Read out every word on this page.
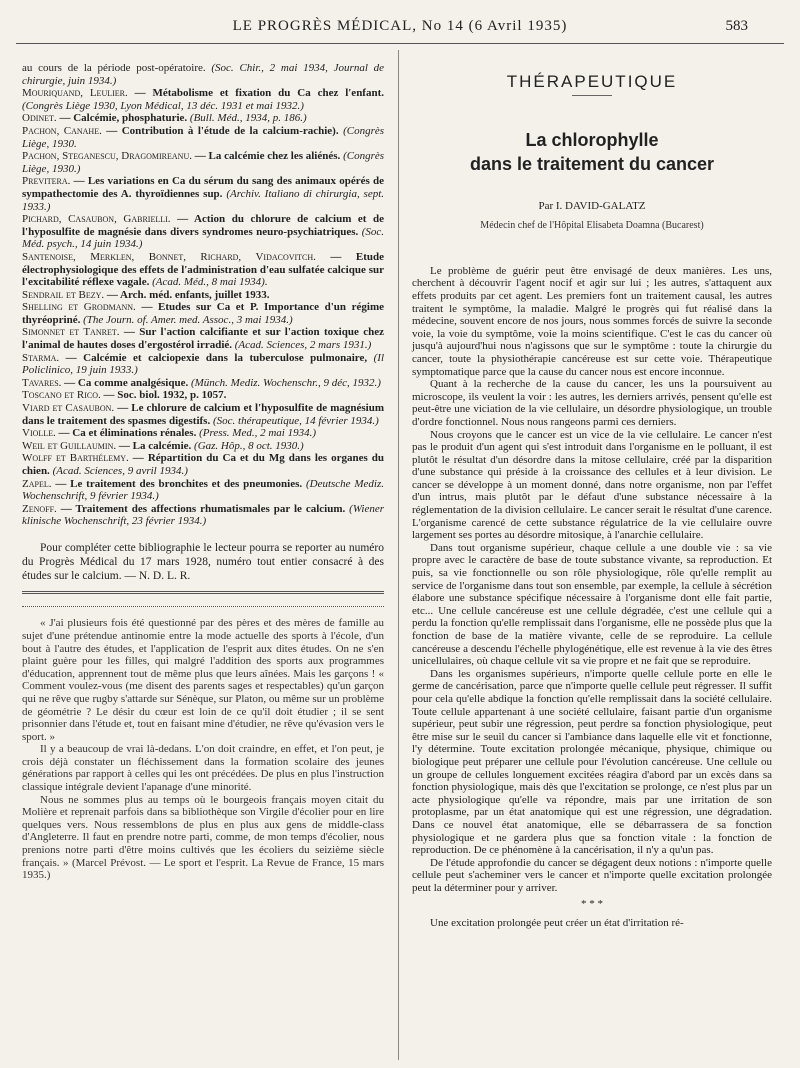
LE PROGRÈS MÉDICAL, No 14 (6 Avril 1935)	583

au cours de la période post-opératoire. (Soc. Chir., 2 mai 1934, Journal de chirurgie, juin 1934.)

Mouriquand, Leulier. — Métabolisme et fixation du Ca chez l'enfant. (Congrès Liège 1930, Lyon Médical, 13 déc. 1931 et mai 1932.)

Odinet. — Calcémie, phosphaturie. (Bull. Méd., 1934, p. 186.)

Pachon, Canahe. — Contribution à l'étude de la calcium-rachie). (Congrès Liège, 1930.

Pachon, Steganescu, Dragomireanu. — La calcémie chez les aliénés. (Congrès Liège, 1930.)

Previtera. — Les variations en Ca du sérum du sang des animaux opérés de sympathectomie des A. thyroïdiennes sup. (Archiv. Italiano di chirurgia, sept. 1933.)

Pichard, Casaubon, Gabrielli. — Action du chlorure de calcium et de l'hyposulfite de magnésie dans divers syndromes neuro-psychiatriques. (Soc. Méd. psych., 14 juin 1934.)

Santenoise, Merklen, Bonnet, Richard, Vidacovitch. — Etude électrophysiologique des effets de l'administration d'eau sulfatée calcique sur l'excitabilité réflexe vagale. (Acad. Méd., 8 mai 1934).

Sendrail et Bezy. — Arch. méd. enfants, juillet 1933.

Shelling et Grodmann. — Etudes sur Ca et P. Importance d'un régime thyréopriné. (The Journ. of. Amer. med. Assoc., 3 mai 1934.)

Simonnet et Tanret. — Sur l'action calcifiante et sur l'action toxique chez l'animal de hautes doses d'ergostérol irradié. (Acad. Sciences, 2 mars 1931.)

Starma. — Calcémie et calciopexie dans la tuberculose pulmonaire, (Il Policlinico, 19 juin 1933.)

Tavares. — Ca comme analgésique. (Münch. Mediz. Wochenschr., 9 déc, 1932.)

Toscano et Rico. — Soc. biol. 1932, p. 1057.

Viard et Casaubon. — Le chlorure de calcium et l'hyposulfite de magnésium dans le traitement des spasmes digestifs. (Soc. thérapeutique, 14 février 1934.)

Violle. — Ca et éliminations rénales. (Press. Med., 2 mai 1934.)

Weil et Guillaumin. — La calcémie. (Gaz. Hôp., 8 oct. 1930.)

Wolff et Barthélemy. — Répartition du Ca et du Mg dans les organes du chien. (Acad. Sciences, 9 avril 1934.)

Zapel. — Le traitement des bronchites et des pneumonies. (Deutsche Mediz. Wochenschrift, 9 février 1934.)

Zenoff. — Traitement des affections rhumatismales par le calcium. (Wiener klinische Wochenschrift, 23 février 1934.)

Pour compléter cette bibliographie le lecteur pourra se reporter au numéro du Progrès Médical du 17 mars 1928, numéro tout entier consacré à des études sur le calcium. — N. D. L. R.

« J'ai plusieurs fois été questionné par des pères et des mères de famille au sujet d'une prétendue antinomie entre la mode actuelle des sports à l'école, d'un bout à l'autre des études, et l'application de l'esprit aux dites études. On ne s'en plaint guère pour les filles, qui malgré l'addition des sports aux programmes d'éducation, apprennent tout de même plus que leurs aînées. Mais les garçons ! « Comment voulez-vous (me disent des parents sages et respectables) qu'un garçon qui ne rêve que rugby s'attarde sur Sénèque, sur Platon, ou même sur un problème de géométrie ? Le désir du cœur est loin de ce qu'il doit étudier ; il se sent prisonnier dans l'étude et, tout en faisant mine d'étudier, ne rêve qu'évasion vers le sport. »

Il y a beaucoup de vrai là-dedans. L'on doit craindre, en effet, et l'on peut, je crois déjà constater un fléchissement dans la formation scolaire des jeunes générations par rapport à celles qui les ont précédées. De plus en plus l'instruction classique intégrale devient l'apanage d'une minorité.

Nous ne sommes plus au temps où le bourgeois français moyen citait du Molière et reprenait parfois dans sa bibliothèque son Virgile d'écolier pour en lire quelques vers. Nous ressemblons de plus en plus aux gens de middle-class d'Angleterre. Il faut en prendre notre parti, comme, de mon temps d'écolier, nous prenions notre parti d'être moins cultivés que les écoliers du seizième siècle français. » (Marcel Prévost. — Le sport et l'esprit. La Revue de France, 15 mars 1935.)

THÉRAPEUTIQUE
La chlorophylle
dans le traitement du cancer
Par I. DAVID-GALATZ
Médecin chef de l'Hôpital Elisabeta Doamna (Bucarest)

Le problème de guérir peut être envisagé de deux manières. Les uns, cherchent à découvrir l'agent nocif et agir sur lui ; les autres, s'attaquent aux effets produits par cet agent. Les premiers font un traitement causal, les autres traitent le symptôme, la maladie. Malgré le progrès qui fut réalisé dans la médecine, souvent encore de nos jours, nous sommes forcés de suivre la seconde voie, la voie du symptôme, voie la moins scientifique. C'est le cas du cancer où jusqu'à aujourd'hui nous n'agissons que sur le symptôme : toute la chirurgie du cancer, toute la physiothérapie cancéreuse est sur cette voie. Thérapeutique symptomatique parce que la cause du cancer nous est encore inconnue.

Quant à la recherche de la cause du cancer, les uns la poursuivent au microscope, ils veulent la voir : les autres, les derniers arrivés, pensent qu'elle est peut-être une viciation de la vie cellulaire, un désordre physiologique, un trouble d'ordre fonctionnel. Nous nous rangeons parmi ces derniers.

Nous croyons que le cancer est un vice de la vie cellulaire. Le cancer n'est pas le produit d'un agent qui s'est introduit dans l'organisme en le polluant, il est plutôt le résultat d'un désordre dans la mitose cellulaire, créé par la disparition d'une substance qui préside à la croissance des cellules et à leur division. Le cancer se développe à un moment donné, dans notre organisme, non par l'effet d'un intrus, mais plutôt par le défaut d'une substance nécessaire à la réglementation de la division cellulaire. Le cancer serait le résultat d'une carence. L'organisme carencé de cette substance régulatrice de la vie cellulaire ouvre largement ses portes au désordre mitosique, à l'anarchie cellulaire.

Dans tout organisme supérieur, chaque cellule a une double vie : sa vie propre avec le caractère de base de toute substance vivante, sa reproduction. Et puis, sa vie fonctionnelle ou son rôle physiologique, rôle qu'elle remplit au service de l'organisme dans tout son ensemble, par exemple, la cellule à sécrétion élabore une substance spécifique nécessaire à l'organisme dont elle fait partie, etc... Une cellule cancéreuse est une cellule dégradée, c'est une cellule qui a perdu la fonction qu'elle remplissait dans l'organisme, elle ne possède plus que la fonction de base de la matière vivante, celle de se reproduire. La cellule cancéreuse a descendu l'échelle phylogénétique, elle est revenue à la vie des êtres unicellulaires, où chaque cellule vit sa vie propre et ne fait que se reproduire.

Dans les organismes supérieurs, n'importe quelle cellule porte en elle le germe de cancérisation, parce que n'importe quelle cellule peut régresser. Il suffit pour cela qu'elle abdique la fonction qu'elle remplissait dans la société cellulaire. Toute cellule appartenant à une société cellulaire, faisant partie d'un organisme supérieur, peut subir une régression, peut perdre sa fonction physiologique, peut être mise sur le seuil du cancer si l'ambiance dans laquelle elle vit et fonctionne, l'y détermine. Toute excitation prolongée mécanique, physique, chimique ou biologique peut préparer une cellule pour l'évolution cancéreuse. Une cellule ou un groupe de cellules longuement excitées réagira d'abord par un excès dans sa fonction physiologique, mais dès que l'excitation se prolonge, ce n'est plus par un acte physiologique qu'elle va répondre, mais par une irritation de son protoplasme, par un état anatomique qui est une régression, une dégradation. Dans ce nouvel état anatomique, elle se débarrassera de sa fonction physiologique et ne gardera plus que sa fonction vitale : la fonction de reproduction. De ce phénomène à la cancérisation, il n'y a qu'un pas.

De l'étude approfondie du cancer se dégagent deux notions : n'importe quelle cellule peut s'acheminer vers le cancer et n'importe quelle excitation prolongée peut la déterminer pour y arriver.

* * *

Une excitation prolongée peut créer un état d'irritation ré-
